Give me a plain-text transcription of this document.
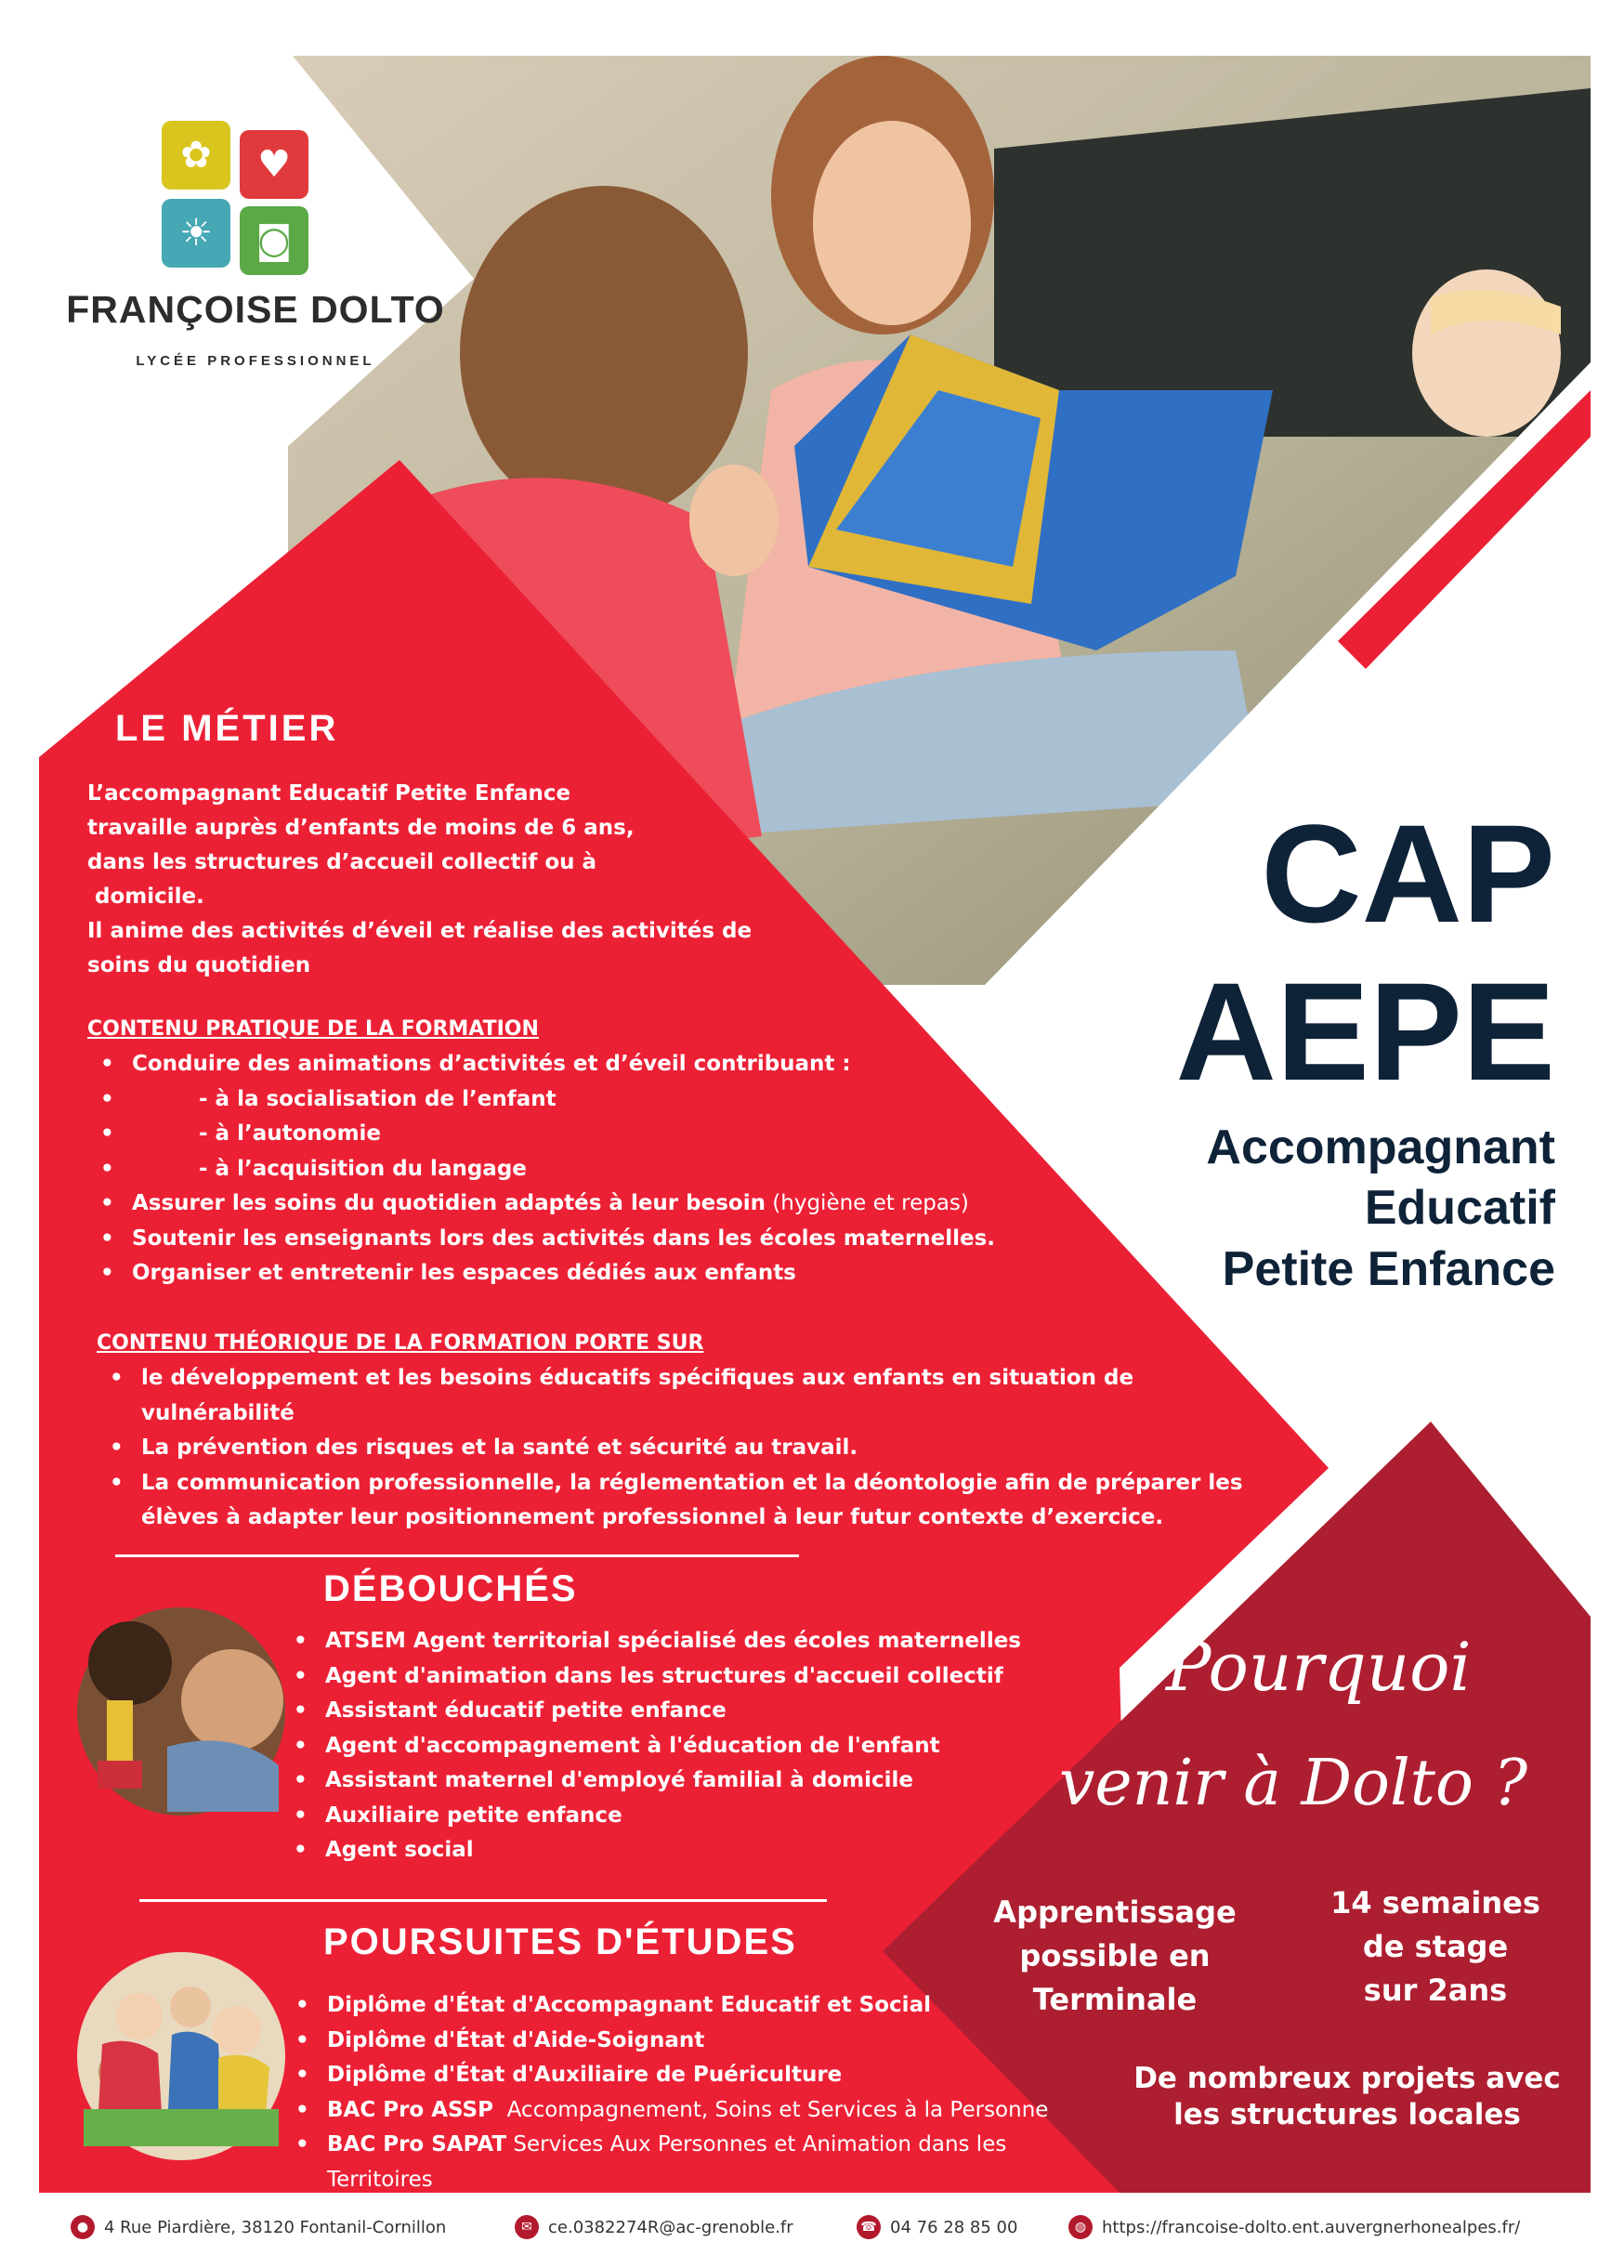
✿	♥
☀	◙
FRANÇOISE DOLTO
LYCÉE PROFESSIONNEL
LE MÉTIER
L’accompagnant Educatif Petite Enfance
travaille auprès d’enfants de moins de 6 ans,
dans les structures d’accueil collectif ou à
domicile.
Il anime des activités d’éveil et réalise des activités de
soins du quotidien
CONTENU PRATIQUE DE LA FORMATION
• Conduire des animations d’activités et d’éveil contribuant :
• - à la socialisation de l’enfant
• - à l’autonomie
• - à l’acquisition du langage
• Assurer les soins du quotidien adaptés à leur besoin (hygiène et repas)
• Soutenir les enseignants lors des activités dans les écoles maternelles.
• Organiser et entretenir les espaces dédiés aux enfants
CONTENU THÉORIQUE DE LA FORMATION PORTE SUR
• le développement et les besoins éducatifs spécifiques aux enfants en situation de vulnérabilité
• La prévention des risques et la santé et sécurité au travail.
• La communication professionnelle, la réglementation et la déontologie afin de préparer les élèves à adapter leur positionnement professionnel à leur futur contexte d’exercice.
DÉBOUCHÉS
• ATSEM Agent territorial spécialisé des écoles maternelles
• Agent d'animation dans les structures d'accueil collectif
• Assistant éducatif petite enfance
• Agent d'accompagnement à l'éducation de l'enfant
• Assistant maternel d'employé familial à domicile
• Auxiliaire petite enfance
• Agent social
POURSUITES D'ÉTUDES
• Diplôme d'État d'Accompagnant Educatif et Social
• Diplôme d'État d'Aide-Soignant
• Diplôme d'État d'Auxiliaire de Puériculture
• BAC Pro ASSP  Accompagnement, Soins et Services à la Personne
• BAC Pro SAPAT Services Aux Personnes et Animation dans les Territoires
CAP
AEPE
Accompagnant
Educatif
Petite Enfance
Pourquoi
venir à Dolto ?
Apprentissage
possible en
Terminale
14 semaines
de stage
sur 2ans
De nombreux projets avec
les structures locales
● 4 Rue Piardière, 38120 Fontanil-Cornillon	✉ ce.0382274R@ac-grenoble.fr	☎ 04 76 28 85 00	◍ https://francoise-dolto.ent.auvergnerhonealpes.fr/
